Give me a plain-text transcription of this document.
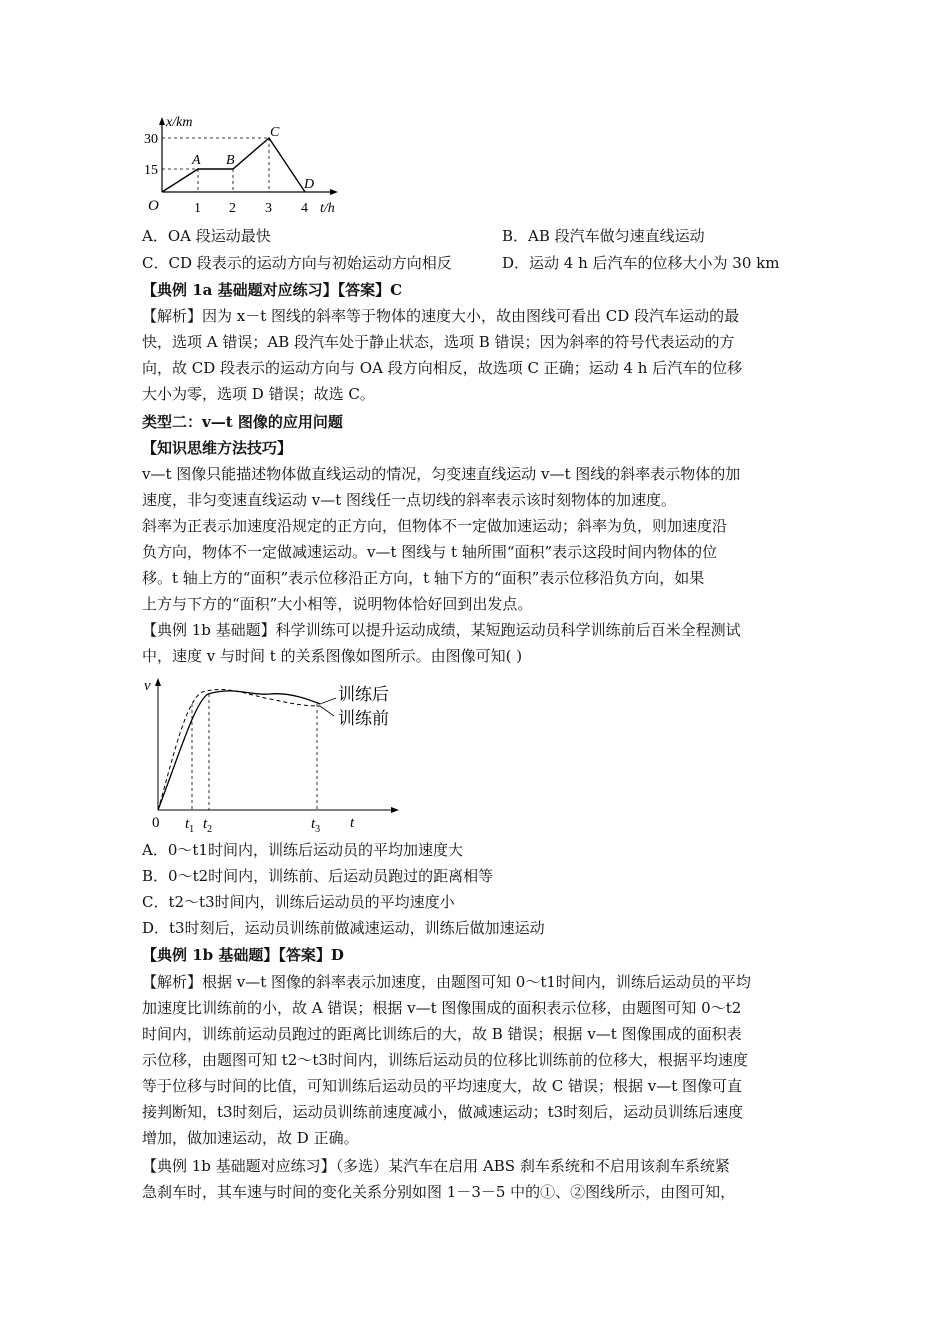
x/km
30
15
O	1 2 3 4 t/h
A B
C
D
A．OA 段运动最快	B．AB 段汽车做匀速直线运动
C．CD 段表示的运动方向与初始运动方向相反	D．运动 4 h 后汽车的位移大小为 30 km
【典例 1a 基础题对应练习】【答案】C
【解析】因为 x－t 图线的斜率等于物体的速度大小，故由图线可看出 CD 段汽车运动的最
快，选项 A 错误；AB 段汽车处于静止状态，选项 B 错误；因为斜率的符号代表运动的方
向，故 CD 段表示的运动方向与 OA 段方向相反，故选项 C 正确；运动 4 h 后汽车的位移
大小为零，选项 D 错误；故选 C。
类型二：v—t 图像的应用问题
【知识思维方法技巧】
v—t 图像只能描述物体做直线运动的情况，匀变速直线运动 v—t 图线的斜率表示物体的加
速度，非匀变速直线运动 v—t 图线任一点切线的斜率表示该时刻物体的加速度。
斜率为正表示加速度沿规定的正方向，但物体不一定做加速运动；斜率为负，则加速度沿
负方向，物体不一定做减速运动。v—t 图线与 t 轴所围“面积”表示这段时间内物体的位
移。t 轴上方的“面积”表示位移沿正方向，t 轴下方的“面积”表示位移沿负方向，如果
上方与下方的“面积”大小相等，说明物体恰好回到出发点。
【典例 1b 基础题】科学训练可以提升运动成绩，某短跑运动员科学训练前后百米全程测试
中，速度 v 与时间 t 的关系图像如图所示。由图像可知( )
训练后
训练前
v
0	t
$t_1$ $t_2$	$t_3$
A．0～t1时间内，训练后运动员的平均加速度大
B．0～t2时间内，训练前、后运动员跑过的距离相等
C．t2～t3时间内，训练后运动员的平均速度小
D．t3时刻后，运动员训练前做减速运动，训练后做加速运动
【典例 1b 基础题】【答案】D
【解析】根据 v—t 图像的斜率表示加速度，由题图可知 0～t1时间内，训练后运动员的平均
加速度比训练前的小，故 A 错误；根据 v—t 图像围成的面积表示位移，由题图可知 0～t2
时间内，训练前运动员跑过的距离比训练后的大，故 B 错误；根据 v—t 图像围成的面积表
示位移，由题图可知 t2～t3时间内，训练后运动员的位移比训练前的位移大，根据平均速度
等于位移与时间的比值，可知训练后运动员的平均速度大，故 C 错误；根据 v—t 图像可直
接判断知，t3时刻后，运动员训练前速度减小，做减速运动；t3时刻后，运动员训练后速度
增加，做加速运动，故 D 正确。
【典例 1b 基础题对应练习】（多选）某汽车在启用 ABS 刹车系统和不启用该刹车系统紧
急刹车时，其车速与时间的变化关系分别如图 1－3－5 中的①、②图线所示，由图可知，
